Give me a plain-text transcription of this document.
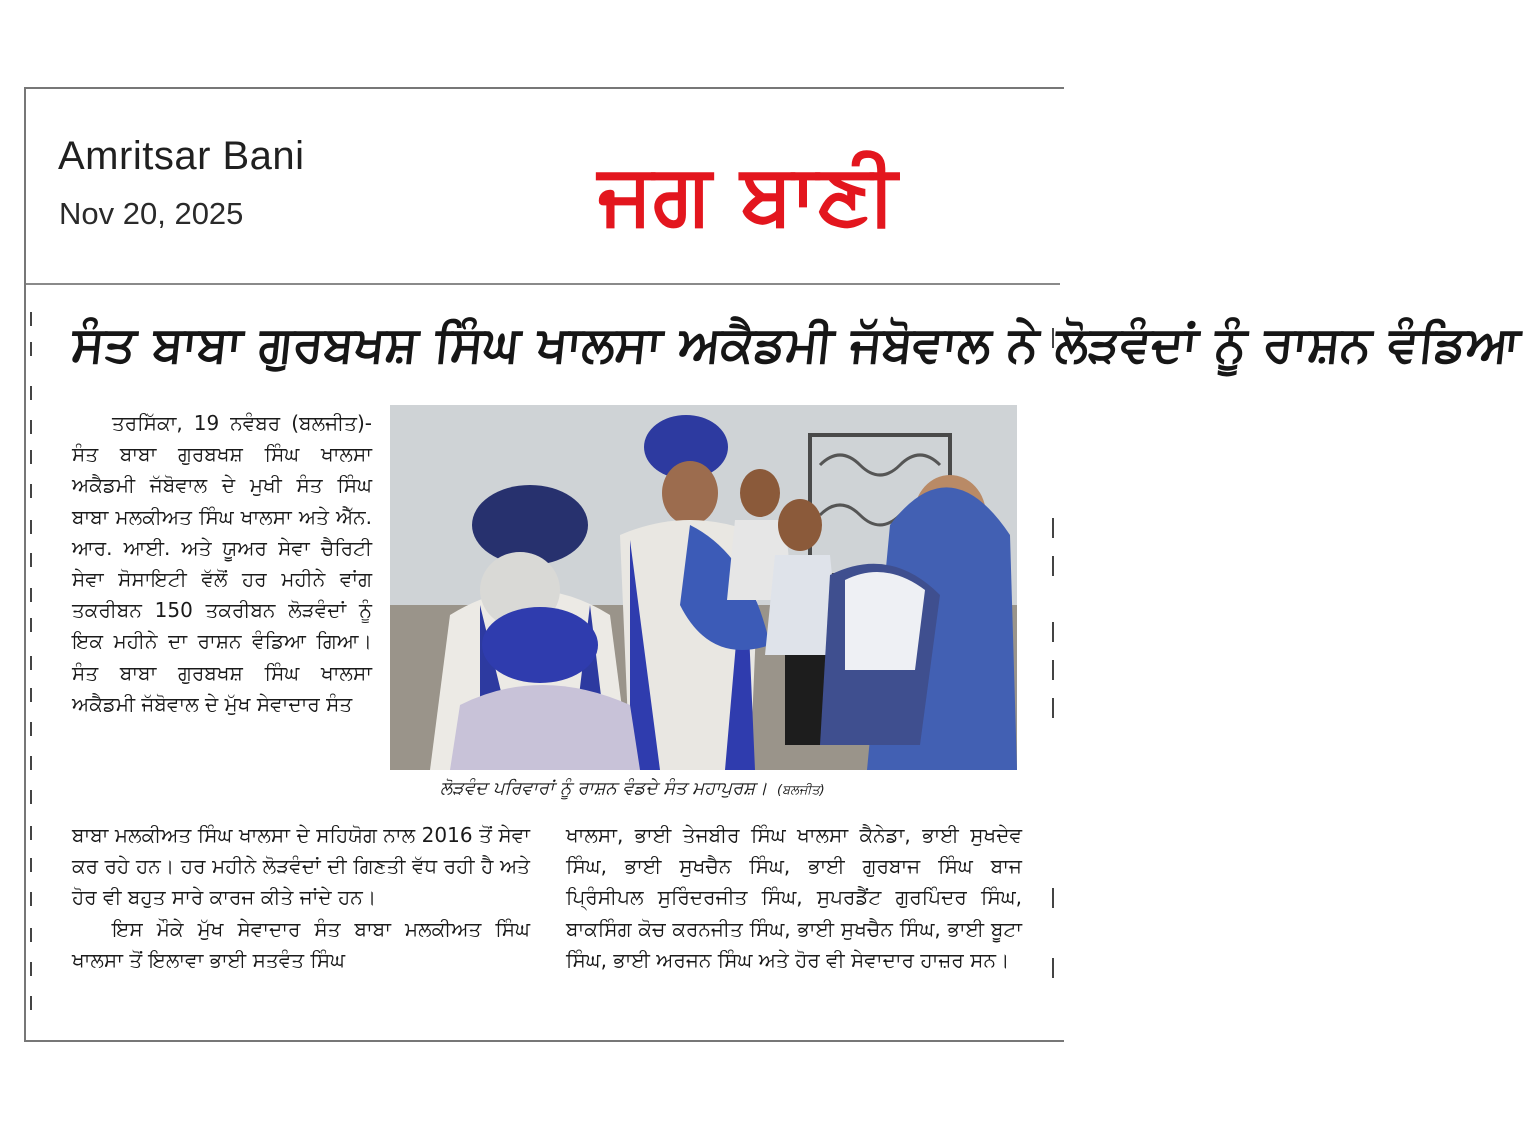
Amritsar Bani
Nov 20, 2025	ਜਗ ਬਾਣੀ
ਸੰਤ ਬਾਬਾ ਗੁਰਬਖਸ਼ ਸਿੰਘ ਖਾਲਸਾ ਅਕੈਡਮੀ ਜੱਬੋਵਾਲ ਨੇ ਲੋੜਵੰਦਾਂ ਨੂੰ ਰਾਸ਼ਨ ਵੰਡਿਆ

ਤਰਸਿੱਕਾ, 19 ਨਵੰਬਰ (ਬਲਜੀਤ)-ਸੰਤ ਬਾਬਾ ਗੁਰਬਖਸ਼ ਸਿੰਘ ਖਾਲਸਾ ਅਕੈਡਮੀ ਜੱਬੋਵਾਲ ਦੇ ਮੁਖੀ ਸੰਤ ਸਿੰਘ ਬਾਬਾ ਮਲਕੀਅਤ ਸਿੰਘ ਖਾਲਸਾ ਅਤੇ ਐੱਨ. ਆਰ. ਆਈ. ਅਤੇ ਯੂਅਰ ਸੇਵਾ ਚੈਰਿਟੀ ਸੇਵਾ ਸੋਸਾਇਟੀ ਵੱਲੋਂ ਹਰ ਮਹੀਨੇ ਵਾਂਗ ਤਕਰੀਬਨ 150 ਤਕਰੀਬਨ ਲੋੜਵੰਦਾਂ ਨੂੰ ਇਕ ਮਹੀਨੇ ਦਾ ਰਾਸ਼ਨ ਵੰਡਿਆ ਗਿਆ। ਸੰਤ ਬਾਬਾ ਗੁਰਬਖਸ਼ ਸਿੰਘ ਖਾਲਸਾ ਅਕੈਡਮੀ ਜੱਬੋਵਾਲ ਦੇ ਮੁੱਖ ਸੇਵਾਦਾਰ ਸੰਤ

ਲੋੜਵੰਦ ਪਰਿਵਾਰਾਂ ਨੂੰ ਰਾਸ਼ਨ ਵੰਡਦੇ ਸੰਤ ਮਹਾਪੁਰਸ਼। (ਬਲਜੀਤ)

ਬਾਬਾ ਮਲਕੀਅਤ ਸਿੰਘ ਖਾਲਸਾ ਦੇ ਸਹਿਯੋਗ ਨਾਲ 2016 ਤੋਂ ਸੇਵਾ ਕਰ ਰਹੇ ਹਨ। ਹਰ ਮਹੀਨੇ ਲੋੜਵੰਦਾਂ ਦੀ ਗਿਣਤੀ ਵੱਧ ਰਹੀ ਹੈ ਅਤੇ ਹੋਰ ਵੀ ਬਹੁਤ ਸਾਰੇ ਕਾਰਜ ਕੀਤੇ ਜਾਂਦੇ ਹਨ।

ਇਸ ਮੌਕੇ ਮੁੱਖ ਸੇਵਾਦਾਰ ਸੰਤ ਬਾਬਾ ਮਲਕੀਅਤ ਸਿੰਘ ਖਾਲਸਾ ਤੋਂ ਇਲਾਵਾ ਭਾਈ ਸਤਵੰਤ ਸਿੰਘ

ਖਾਲਸਾ, ਭਾਈ ਤੇਜਬੀਰ ਸਿੰਘ ਖਾਲਸਾ ਕੈਨੇਡਾ, ਭਾਈ ਸੁਖਦੇਵ ਸਿੰਘ, ਭਾਈ ਸੁਖਚੈਨ ਸਿੰਘ, ਭਾਈ ਗੁਰਬਾਜ ਸਿੰਘ ਬਾਜ ਪ੍ਰਿੰਸੀਪਲ ਸੁਰਿੰਦਰਜੀਤ ਸਿੰਘ, ਸੁਪਰਡੈਂਟ ਗੁਰਪਿੰਦਰ ਸਿੰਘ, ਬਾਕਸਿੰਗ ਕੋਚ ਕਰਨਜੀਤ ਸਿੰਘ, ਭਾਈ ਸੁਖਚੈਨ ਸਿੰਘ, ਭਾਈ ਬੂਟਾ ਸਿੰਘ, ਭਾਈ ਅਰਜਨ ਸਿੰਘ ਅਤੇ ਹੋਰ ਵੀ ਸੇਵਾਦਾਰ ਹਾਜ਼ਰ ਸਨ।
